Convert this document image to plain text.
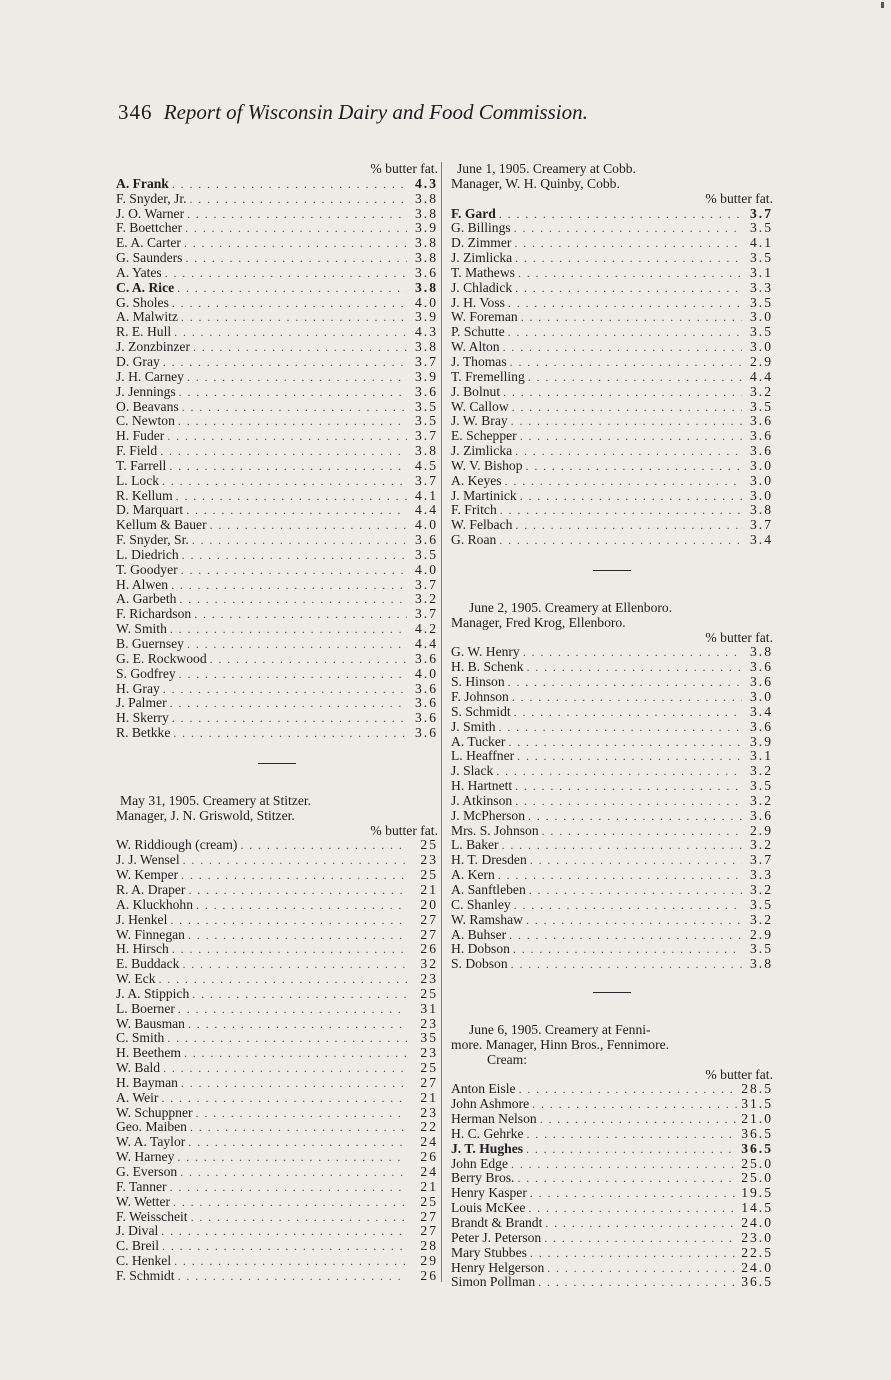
346 Report of Wisconsin Dairy and Food Commission.
% butter fat.
A. Frank . . .	4.3
F. Snyder, Jr. . . .	3.8
J. O. Warner . . .	3.8
F. Boettcher . . .	3.9
E. A. Carter . . .	3.8
G. Saunders . . .	3.8
A. Yates . . .	3.6
C. A. Rice . . .	3.8
G. Sholes . . .	4.0
A. Malwitz . . .	3.9
R. E. Hull . . .	4.3
J. Zonzbinzer . . .	3.8
D. Gray . . .	3.7
J. H. Carney . . .	3.9
J. Jennings . . .	3.6
O. Beavans . . .	3.5
C. Newton . . .	3.5
H. Fuder . . .	3.7
F. Field . . .	3.8
T. Farrell . . .	4.5
L. Lock . . .	3.7
R. Kellum . . .	4.1
D. Marquart . . .	4.4
Kellum & Bauer . . .	4.0
F. Snyder, Sr. . . .	3.6
L. Diedrich . . .	3.5
T. Goodyer . . .	4.0
H. Alwen . . .	3.7
A. Garbeth . . .	3.2
F. Richardson . . .	3.7
W. Smith . . .	4.2
B. Guernsey . . .	4.4
G. E. Rockwood . . .	3.6
S. Godfrey . . .	4.0
H. Gray . . .	3.6
J. Palmer . . .	3.6
H. Skerry . . .	3.6
R. Betkke . . .	3.6
May 31, 1905. Creamery at Stitzer.
Manager, J. N. Griswold, Stitzer.
% butter fat.
W. Riddiough (cream) . . .	25
J. J. Wensel . . .	23
W. Kemper . . .	25
R. A. Draper . . .	21
A. Kluckhohn . . .	20
J. Henkel . . .	27
W. Finnegan . . .	27
H. Hirsch . . .	26
E. Buddack . . .	32
W. Eck . . .	23
J. A. Stippich . . .	25
L. Boerner . . .	31
W. Bausman . . .	23
C. Smith . . .	35
H. Beethem . . .	23
W. Bald . . .	25
H. Bayman . . .	27
A. Weir . . .	21
W. Schuppner . . .	23
Geo. Maiben . . .	22
W. A. Taylor . . .	24
W. Harney . . .	26
G. Everson . . .	24
F. Tanner . . .	21
W. Wetter . . .	25
F. Weisscheit . . .	27
J. Dival . . .	27
C. Breil . . .	28
C. Henkel . . .	29
F. Schmidt . . .	26
June 1, 1905. Creamery at Cobb.
Manager, W. H. Quinby, Cobb.
% butter fat.
F. Gard . . .	3.7
G. Billings . . .	3.5
D. Zimmer . . .	4.1
J. Zimlicka . . .	3.5
T. Mathews . . .	3.1
J. Chladick . . .	3.3
J. H. Voss . . .	3.5
W. Foreman . . .	3.0
P. Schutte . . .	3.5
W. Alton . . .	3.0
J. Thomas . . .	2.9
T. Fremelling . . .	4.4
J. Bolnut . . .	3.2
W. Callow . . .	3.5
J. W. Bray . . .	3.6
E. Schepper . . .	3.6
J. Zimlicka . . .	3.6
W. V. Bishop . . .	3.0
A. Keyes . . .	3.0
J. Martinick . . .	3.0
F. Fritch . . .	3.8
W. Felbach . . .	3.7
G. Roan . . .	3.4
June 2, 1905. Creamery at Ellenboro.
Manager, Fred Krog, Ellenboro.
% butter fat.
G. W. Henry . . .	3.8
H. B. Schenk . . .	3.6
S. Hinson . . .	3.6
F. Johnson . . .	3.0
S. Schmidt . . .	3.4
J. Smith . . .	3.6
A. Tucker . . .	3.9
L. Heaffner . . .	3.1
J. Slack . . .	3.2
H. Hartnett . . .	3.5
J. Atkinson . . .	3.2
J. McPherson . . .	3.6
Mrs. S. Johnson . . .	2.9
L. Baker . . .	3.2
H. T. Dresden . . .	3.7
A. Kern . . .	3.3
A. Sanftleben . . .	3.2
C. Shanley . . .	3.5
W. Ramshaw . . .	3.2
A. Buhser . . .	2.9
H. Dobson . . .	3.5
S. Dobson . . .	3.8
June 6, 1905. Creamery at Fenni-
more. Manager, Hinn Bros., Fennimore.
Cream:
% butter fat.
Anton Eisle . . .	28.5
John Ashmore . . .	31.5
Herman Nelson . . .	21.0
H. C. Gehrke . . .	36.5
J. T. Hughes . . .	36.5
John Edge . . .	25.0
Berry Bros. . . .	25.0
Henry Kasper . . .	19.5
Louis McKee . . .	14.5
Brandt & Brandt . . .	24.0
Peter J. Peterson . . .	23.0
Mary Stubbes . . .	22.5
Henry Helgerson . . .	24.0
Simon Pollman . . .	36.5
